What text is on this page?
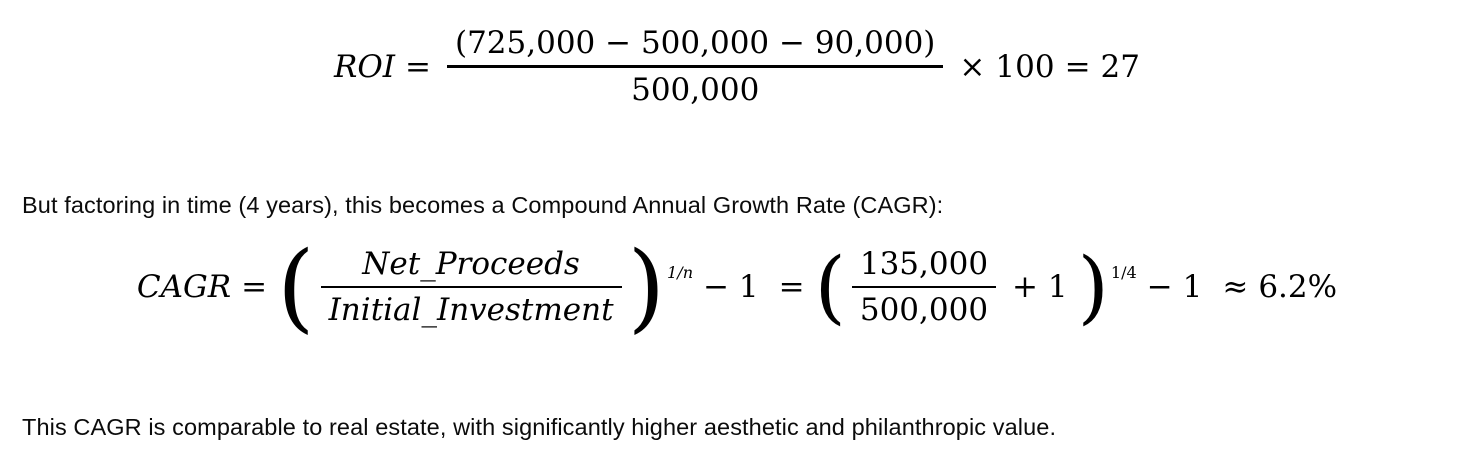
ROI = $\frac{(725,000 - 500,000 - 90,000)}{500,000} \times 100 = 27$

But factoring in time (4 years), this becomes a Compound Annual Growth Rate (CAGR):

CAGR = ( $\frac{\text{Net\_Proceeds}}{\text{Initial\_Investment}}$ ) 1/n − 1 = ( $\frac{135,000}{500,000} + 1$ ) 1/4 − 1 ≈ 6.2%

This CAGR is comparable to real estate, with significantly higher aesthetic and philanthropic value.
